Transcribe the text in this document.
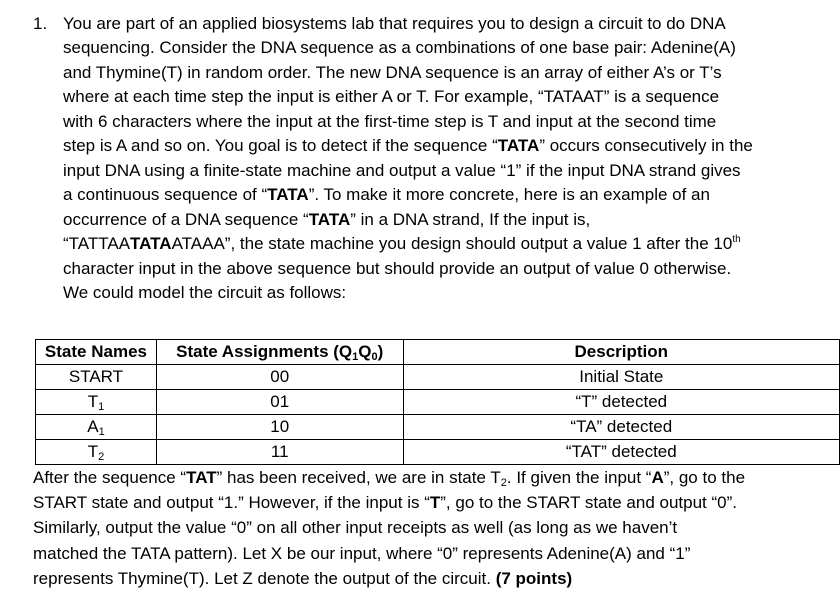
1. You are part of an applied biosystems lab that requires you to design a circuit to do DNA
sequencing. Consider the DNA sequence as a combinations of one base pair: Adenine(A)
and Thymine(T) in random order. The new DNA sequence is an array of either A’s or T’s
where at each time step the input is either A or T. For example, “TATAAT” is a sequence
with 6 characters where the input at the first-time step is T and input at the second time
step is A and so on. You goal is to detect if the sequence “TATA” occurs consecutively in the
input DNA using a finite-state machine and output a value “1” if the input DNA strand gives
a continuous sequence of “TATA”. To make it more concrete, here is an example of an
occurrence of a DNA sequence “TATA” in a DNA strand, If the input is,
“TATTAATATAATAAA”, the state machine you design should output a value 1 after the 10th
character input in the above sequence but should provide an output of value 0 otherwise.
We could model the circuit as follows:
State Names	State Assignments $(Q_1Q_0)$	Description
START	00	Initial State
$T_1$	01	“T” detected
$A_1$	10	“TA” detected
$T_2$	11	“TAT” detected
After the sequence “TAT” has been received, we are in state $T_2$. If given the input “A”, go to the
START state and output “1.” However, if the input is “T”, go to the START state and output “0”.
Similarly, output the value “0” on all other input receipts as well (as long as we haven’t
matched the TATA pattern). Let X be our input, where “0” represents Adenine(A) and “1”
represents Thymine(T). Let Z denote the output of the circuit. (7 points)
